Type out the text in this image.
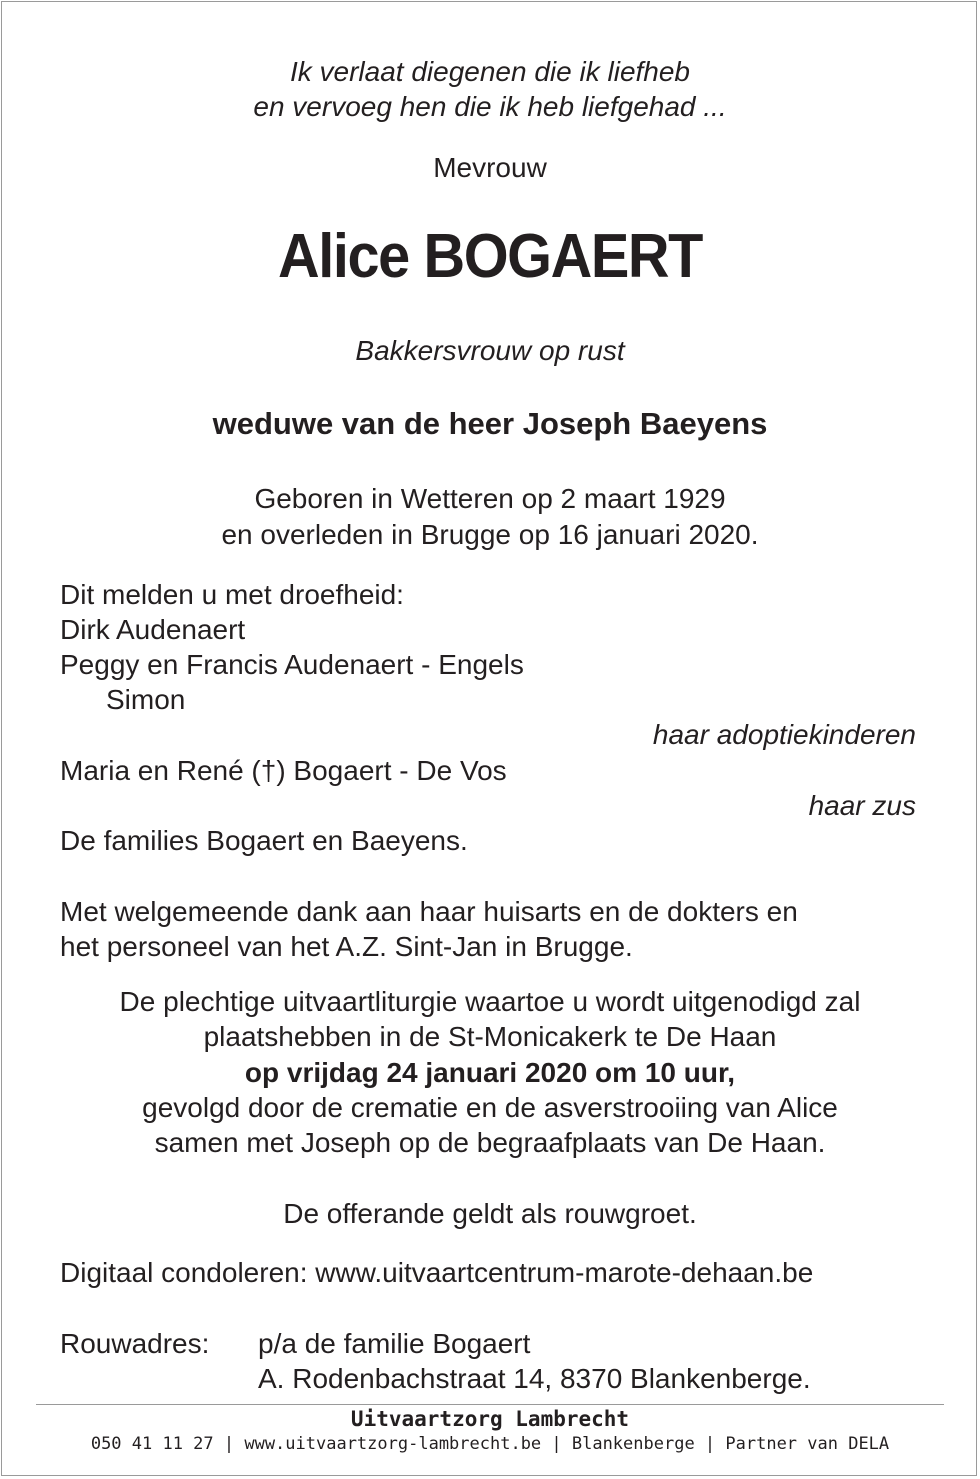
Ik verlaat diegenen die ik liefheb

en vervoeg hen die ik heb liefgehad ...

Mevrouw

Alice BOGAERT

Bakkersvrouw op rust

weduwe van de heer Joseph Baeyens

Geboren in Wetteren op 2 maart 1929

en overleden in Brugge op 16 januari 2020.

Dit melden u met droefheid:

Dirk Audenaert

Peggy en Francis Audenaert - Engels

Simon

haar adoptiekinderen

Maria en René (†) Bogaert - De Vos

haar zus

De families Bogaert en Baeyens.

Met welgemeende dank aan haar huisarts en de dokters en

het personeel van het A.Z. Sint-Jan in Brugge.

De plechtige uitvaartliturgie waartoe u wordt uitgenodigd zal

plaatshebben in de St-Monicakerk te De Haan

op vrijdag 24 januari 2020 om 10 uur,

gevolgd door de crematie en de asverstrooiing van Alice

samen met Joseph op de begraafplaats van De Haan.

De offerande geldt als rouwgroet.

Digitaal condoleren: www.uitvaartcentrum-marote-dehaan.be

Rouwadres: p/a de familie Bogaert

A. Rodenbachstraat 14, 8370 Blankenberge.

Uitvaartzorg Lambrecht

050 41 11 27 | www.uitvaartzorg-lambrecht.be | Blankenberge | Partner van DELA
